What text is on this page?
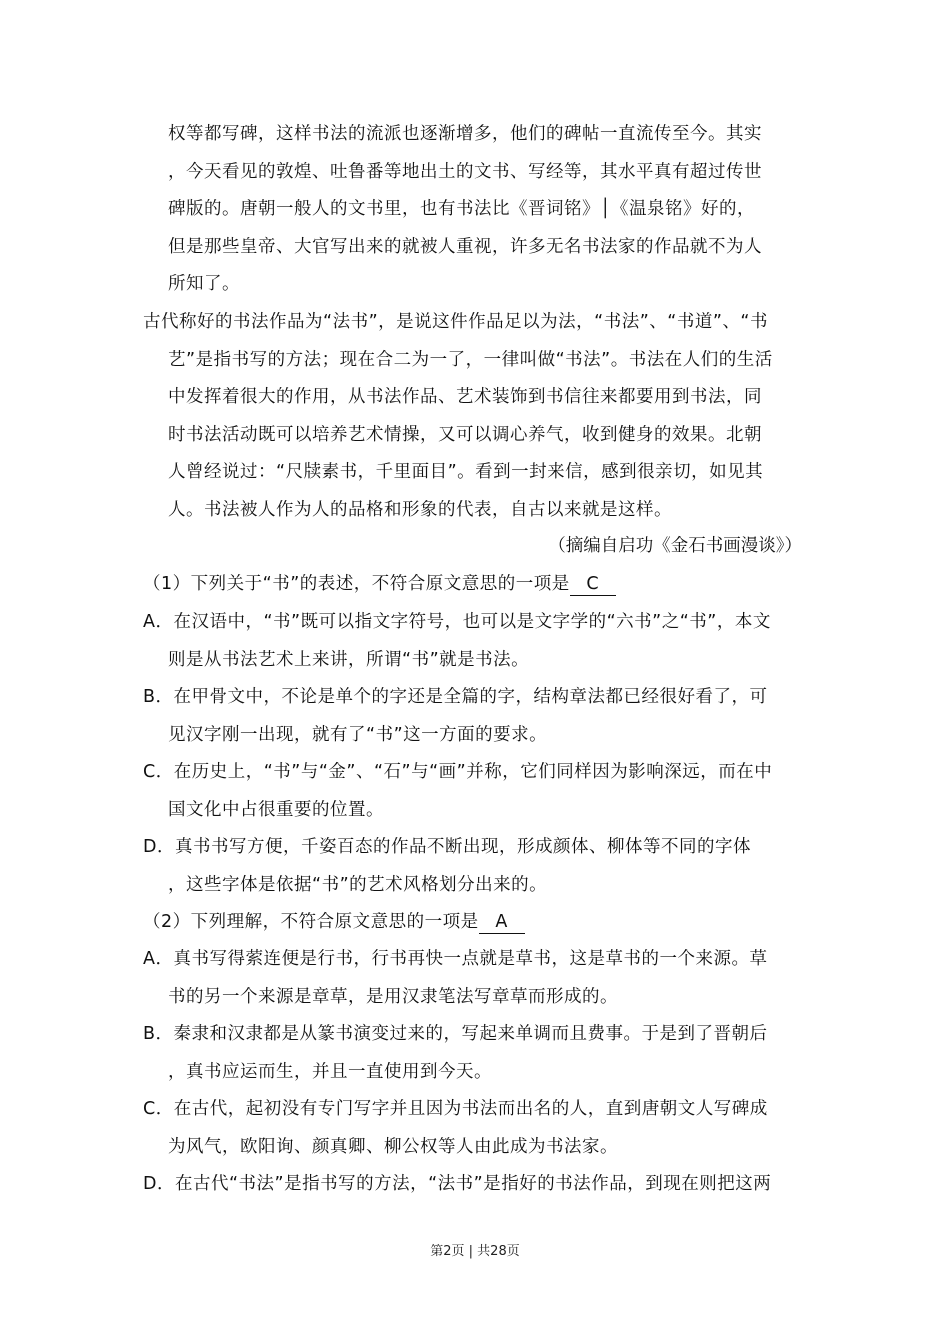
权等都写碑，这样书法的流派也逐渐增多，他们的碑帖一直流传至今。其实
，今天看见的敦煌、吐鲁番等地出土的文书、写经等，其水平真有超过传世
碑版的。唐朝一般人的文书里，也有书法比《晋词铭》│《温泉铭》好的，
但是那些皇帝、大官写出来的就被人重视，许多无名书法家的作品就不为人
所知了。
古代称好的书法作品为“法书”，是说这件作品足以为法，“书法”、“书道”、“书
艺”是指书写的方法；现在合二为一了，一律叫做“书法”。书法在人们的生活
中发挥着很大的作用，从书法作品、艺术装饰到书信往来都要用到书法，同
时书法活动既可以培养艺术情操，又可以调心养气，收到健身的效果。北朝
人曾经说过：“尺牍素书，千里面目”。看到一封来信，感到很亲切，如见其
人。书法被人作为人的品格和形象的代表，自古以来就是这样。
（摘编自启功《金石书画漫谈》）
（1）下列关于“书”的表述，不符合原文意思的一项是 C
A．在汉语中，“书”既可以指文字符号，也可以是文字学的“六书”之“书”，本文
则是从书法艺术上来讲，所谓“书”就是书法。
B．在甲骨文中，不论是单个的字还是全篇的字，结构章法都已经很好看了，可
见汉字刚一出现，就有了“书”这一方面的要求。
C．在历史上，“书”与“金”、“石”与“画”并称，它们同样因为影响深远，而在中
国文化中占很重要的位置。
D．真书书写方便，千姿百态的作品不断出现，形成颜体、柳体等不同的字体
，这些字体是依据“书”的艺术风格划分出来的。
（2）下列理解，不符合原文意思的一项是 A
A．真书写得萦连便是行书，行书再快一点就是草书，这是草书的一个来源。草
书的另一个来源是章草，是用汉隶笔法写章草而形成的。
B．秦隶和汉隶都是从篆书演变过来的，写起来单调而且费事。于是到了晋朝后
，真书应运而生，并且一直使用到今天。
C．在古代，起初没有专门写字并且因为书法而出名的人，直到唐朝文人写碑成
为风气，欧阳询、颜真卿、柳公权等人由此成为书法家。
D．在古代“书法”是指书写的方法，“法书”是指好的书法作品，到现在则把这两
第2页 | 共28页
